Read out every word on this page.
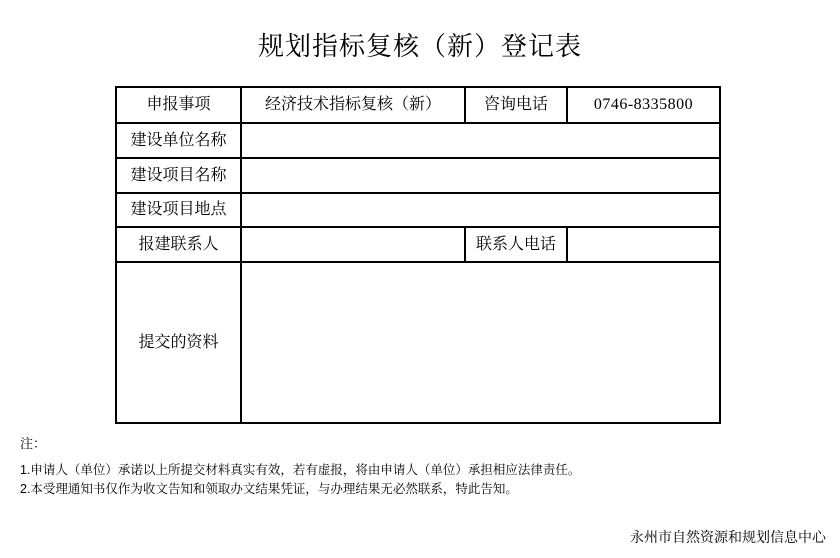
规划指标复核（新）登记表
申报事项	经济技术指标复核（新）	咨询电话	0746-8335800
建设单位名称			
建设项目名称			
建设项目地点			
报建联系人		联系人电话	
提交的资料			
注：
1.申请人（单位）承诺以上所提交材料真实有效，若有虚报，将由申请人（单位）承担相应法律责任。
2.本受理通知书仅作为收文告知和领取办文结果凭证，与办理结果无必然联系，特此告知。
永州市自然资源和规划信息中心
